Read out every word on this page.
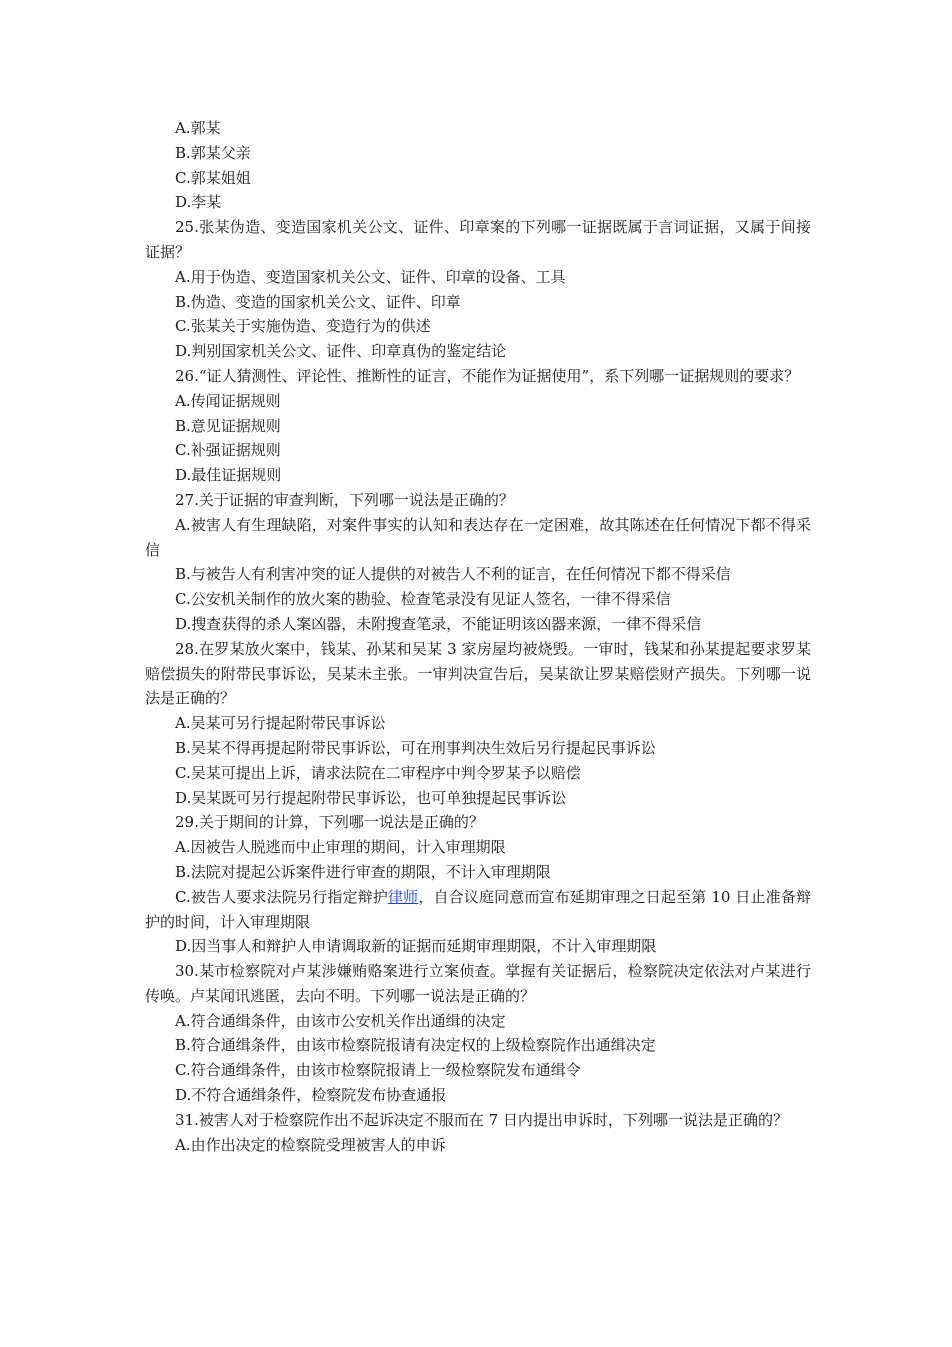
A.郭某

B.郭某父亲

C.郭某姐姐

D.李某

25.张某伪造、变造国家机关公文、证件、印章案的下列哪一证据既属于言词证据，又属于间接证据？

A.用于伪造、变造国家机关公文、证件、印章的设备、工具

B.伪造、变造的国家机关公文、证件、印章

C.张某关于实施伪造、变造行为的供述

D.判别国家机关公文、证件、印章真伪的鉴定结论

26.“证人猜测性、评论性、推断性的证言，不能作为证据使用”，系下列哪一证据规则的要求？

A.传闻证据规则

B.意见证据规则

C.补强证据规则

D.最佳证据规则

27.关于证据的审查判断，下列哪一说法是正确的？

A.被害人有生理缺陷，对案件事实的认知和表达存在一定困难，故其陈述在任何情况下都不得采信

B.与被告人有利害冲突的证人提供的对被告人不利的证言，在任何情况下都不得采信

C.公安机关制作的放火案的勘验、检查笔录没有见证人签名，一律不得采信

D.搜查获得的杀人案凶器，未附搜查笔录，不能证明该凶器来源，一律不得采信

28.在罗某放火案中，钱某、孙某和吴某 3 家房屋均被烧毁。一审时，钱某和孙某提起要求罗某赔偿损失的附带民事诉讼，吴某未主张。一审判决宣告后，吴某欲让罗某赔偿财产损失。下列哪一说法是正确的？

A.吴某可另行提起附带民事诉讼

B.吴某不得再提起附带民事诉讼，可在刑事判决生效后另行提起民事诉讼

C.吴某可提出上诉，请求法院在二审程序中判令罗某予以赔偿

D.吴某既可另行提起附带民事诉讼，也可单独提起民事诉讼

29.关于期间的计算，下列哪一说法是正确的？

A.因被告人脱逃而中止审理的期间，计入审理期限

B.法院对提起公诉案件进行审查的期限，不计入审理期限

C.被告人要求法院另行指定辩护律师，自合议庭同意而宣布延期审理之日起至第 10 日止准备辩护的时间，计入审理期限

D.因当事人和辩护人申请调取新的证据而延期审理期限，不计入审理期限

30.某市检察院对卢某涉嫌贿赂案进行立案侦查。掌握有关证据后，检察院决定依法对卢某进行传唤。卢某闻讯逃匿，去向不明。下列哪一说法是正确的？

A.符合通缉条件，由该市公安机关作出通缉的决定

B.符合通缉条件，由该市检察院报请有决定权的上级检察院作出通缉决定

C.符合通缉条件，由该市检察院报请上一级检察院发布通缉令

D.不符合通缉条件，检察院发布协查通报

31.被害人对于检察院作出不起诉决定不服而在 7 日内提出申诉时，下列哪一说法是正确的？

A.由作出决定的检察院受理被害人的申诉
